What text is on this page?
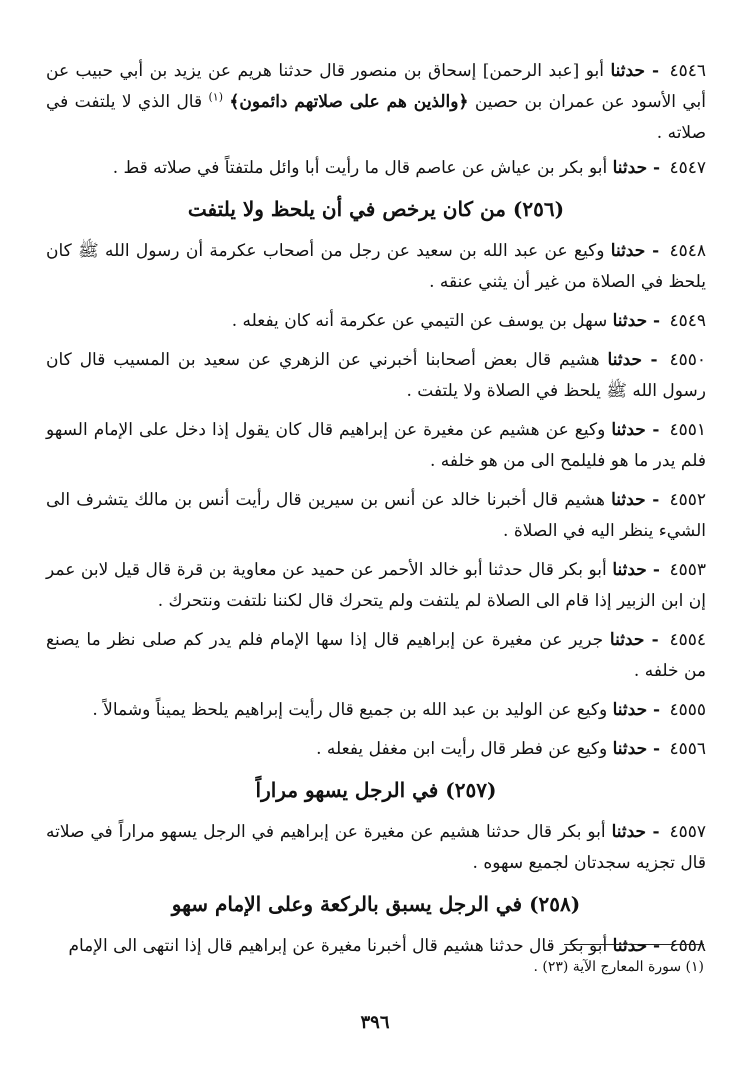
٤٥٤٦ - حدثنا أبو [عبد الرحمن] إسحاق بن منصور قال حدثنا هريم عن يزيد بن أبي حبيب عن أبي الأسود عن عمران بن حصين ﴿والذين هم على صلاتهم دائمون﴾ $^{(١)}$ قال الذي لا يلتفت في صلاته .

٤٥٤٧ - حدثنا أبو بكر بن عياش عن عاصم قال ما رأيت أبا وائل ملتفتاً في صلاته قط .

(٢٥٦) من كان يرخص في أن يلحظ ولا يلتفت

٤٥٤٨ - حدثنا وكيع عن عبد الله بن سعيد عن رجل من أصحاب عكرمة أن رسول الله ﷺ كان يلحظ في الصلاة من غير أن يثني عنقه .

٤٥٤٩ - حدثنا سهل بن يوسف عن التيمي عن عكرمة أنه كان يفعله .

٤٥٥٠ - حدثنا هشيم قال بعض أصحابنا أخبرني عن الزهري عن سعيد بن المسيب قال كان رسول الله ﷺ يلحظ في الصلاة ولا يلتفت .

٤٥٥١ - حدثنا وكيع عن هشيم عن مغيرة عن إبراهيم قال كان يقول إذا دخل على الإمام السهو فلم يدر ما هو فليلمح الى من هو خلفه .

٤٥٥٢ - حدثنا هشيم قال أخبرنا خالد عن أنس بن سيرين قال رأيت أنس بن مالك يتشرف الى الشيء ينظر اليه في الصلاة .

٤٥٥٣ - حدثنا أبو بكر قال حدثنا أبو خالد الأحمر عن حميد عن معاوية بن قرة قال قيل لابن عمر إن ابن الزبير إذا قام الى الصلاة لم يلتفت ولم يتحرك قال لكننا نلتفت ونتحرك .

٤٥٥٤ - حدثنا جرير عن مغيرة عن إبراهيم قال إذا سها الإمام فلم يدر كم صلى نظر ما يصنع من خلفه .

٤٥٥٥ - حدثنا وكيع عن الوليد بن عبد الله بن جميع قال رأيت إبراهيم يلحظ يميناً وشمالاً .

٤٥٥٦ - حدثنا وكيع عن فطر قال رأيت ابن مغفل يفعله .

(٢٥٧) في الرجل يسهو مراراً

٤٥٥٧ - حدثنا أبو بكر قال حدثنا هشيم عن مغيرة عن إبراهيم في الرجل يسهو مراراً في صلاته قال تجزيه سجدتان لجميع سهوه .

(٢٥٨) في الرجل يسبق بالركعة وعلى الإمام سهو

٤٥٥٨ - حدثنا أبو بكر قال حدثنا هشيم قال أخبرنا مغيرة عن إبراهيم قال إذا انتهى الى الإمام

(١) سورة المعارج الآية (٢٣) .
٣٩٦
